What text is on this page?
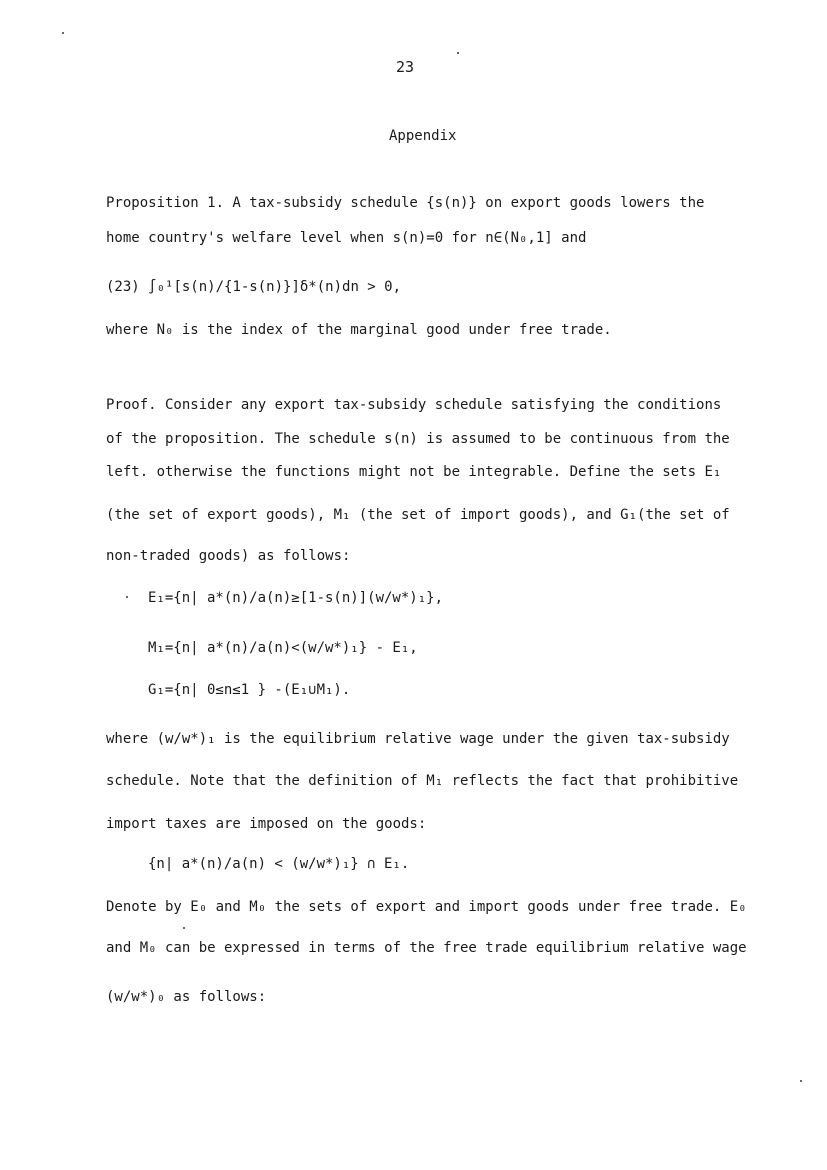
23
Appendix
Proposition 1. A tax-subsidy schedule {s(n)} on export goods lowers the
home country's welfare level when s(n)=0 for n∈(N₀,1] and
(23) ∫₀¹[s(n)/{1-s(n)}]δ*(n)dn > 0,
where N₀ is the index of the marginal good under free trade.
Proof. Consider any export tax-subsidy schedule satisfying the conditions
of the proposition. The schedule s(n) is assumed to be continuous from the
left. otherwise the functions might not be integrable. Define the sets E₁
(the set of export goods), M₁ (the set of import goods), and G₁(the set of
non-traded goods) as follows:
E₁={n| a*(n)/a(n)≥[1-s(n)](w/w*)₁},
M₁={n| a*(n)/a(n)<(w/w*)₁} - E₁,
G₁={n| 0≤n≤1 } -(E₁∪M₁).
where (w/w*)₁ is the equilibrium relative wage under the given tax-subsidy
schedule. Note that the definition of M₁ reflects the fact that prohibitive
import taxes are imposed on the goods:
{n| a*(n)/a(n) < (w/w*)₁} ∩ E₁.
Denote by E₀ and M₀ the sets of export and import goods under free trade. E₀
and M₀ can be expressed in terms of the free trade equilibrium relative wage
(w/w*)₀ as follows:
